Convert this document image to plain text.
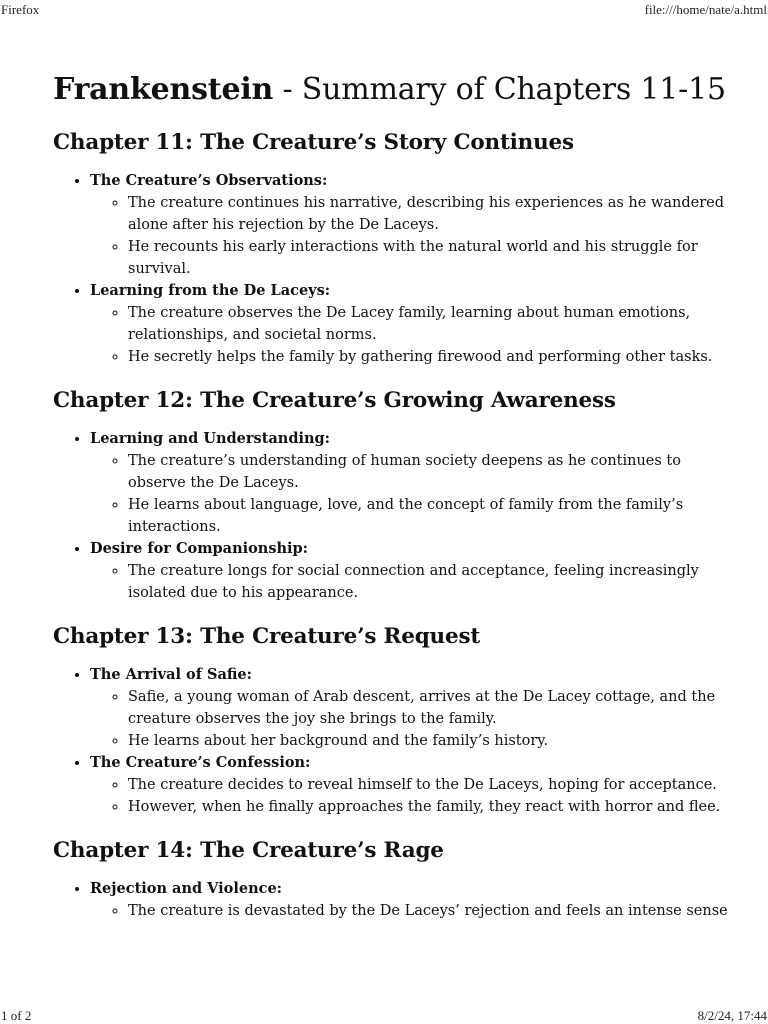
Firefox	file:///home/nate/a.html
Frankenstein - Summary of Chapters 11-15
Chapter 11: The Creature’s Story Continues
• The Creature’s Observations:
◦ The creature continues his narrative, describing his experiences as he wandered alone after his rejection by the De Laceys.
◦ He recounts his early interactions with the natural world and his struggle for survival.
• Learning from the De Laceys:
◦ The creature observes the De Lacey family, learning about human emotions, relationships, and societal norms.
◦ He secretly helps the family by gathering firewood and performing other tasks.
Chapter 12: The Creature’s Growing Awareness
• Learning and Understanding:
◦ The creature’s understanding of human society deepens as he continues to observe the De Laceys.
◦ He learns about language, love, and the concept of family from the family’s interactions.
• Desire for Companionship:
◦ The creature longs for social connection and acceptance, feeling increasingly isolated due to his appearance.
Chapter 13: The Creature’s Request
• The Arrival of Safie:
◦ Safie, a young woman of Arab descent, arrives at the De Lacey cottage, and the creature observes the joy she brings to the family.
◦ He learns about her background and the family’s history.
• The Creature’s Confession:
◦ The creature decides to reveal himself to the De Laceys, hoping for acceptance.
◦ However, when he finally approaches the family, they react with horror and flee.
Chapter 14: The Creature’s Rage
• Rejection and Violence:
◦ The creature is devastated by the De Laceys’ rejection and feels an intense sense
1 of 2	8/2/24, 17:44
